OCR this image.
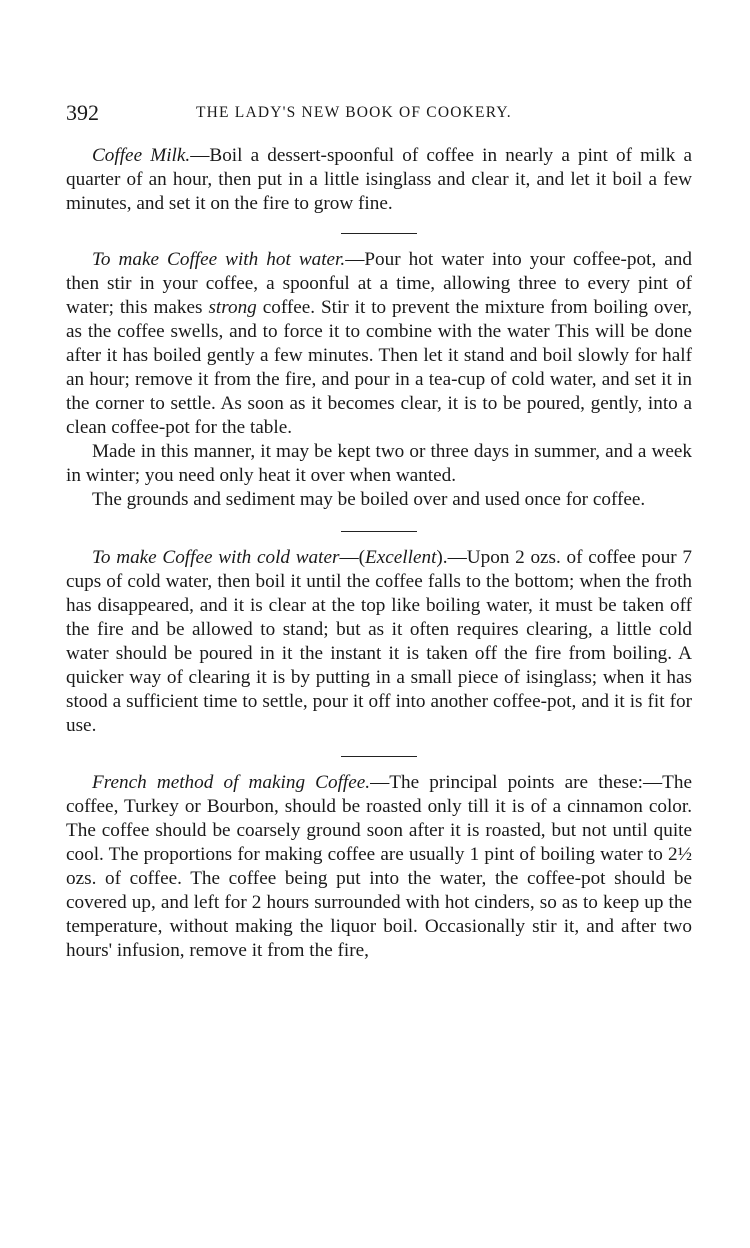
392	THE LADY'S NEW BOOK OF COOKERY.

Coffee Milk.—Boil a dessert-spoonful of coffee in nearly a pint of milk a quarter of an hour, then put in a little isinglass and clear it, and let it boil a few minutes, and set it on the fire to grow fine.

To make Coffee with hot water.—Pour hot water into your coffee-pot, and then stir in your coffee, a spoonful at a time, allowing three to every pint of water; this makes strong coffee. Stir it to prevent the mixture from boiling over, as the coffee swells, and to force it to combine with the water This will be done after it has boiled gently a few minutes. Then let it stand and boil slowly for half an hour; remove it from the fire, and pour in a tea-cup of cold water, and set it in the corner to settle. As soon as it becomes clear, it is to be poured, gently, into a clean coffee-pot for the table.

Made in this manner, it may be kept two or three days in summer, and a week in winter; you need only heat it over when wanted.

The grounds and sediment may be boiled over and used once for coffee.

To make Coffee with cold water—(Excellent).—Upon 2 ozs. of coffee pour 7 cups of cold water, then boil it until the coffee falls to the bottom; when the froth has disappeared, and it is clear at the top like boiling water, it must be taken off the fire and be allowed to stand; but as it often requires clearing, a little cold water should be poured in it the instant it is taken off the fire from boiling. A quicker way of clearing it is by putting in a small piece of isinglass; when it has stood a sufficient time to settle, pour it off into another coffee-pot, and it is fit for use.

French method of making Coffee.—The principal points are these:—The coffee, Turkey or Bourbon, should be roasted only till it is of a cinnamon color. The coffee should be coarsely ground soon after it is roasted, but not until quite cool. The proportions for making coffee are usually 1 pint of boiling water to 2½ ozs. of coffee. The coffee being put into the water, the coffee-pot should be covered up, and left for 2 hours surrounded with hot cinders, so as to keep up the temperature, without making the liquor boil. Occasionally stir it, and after two hours' infusion, remove it from the fire,
